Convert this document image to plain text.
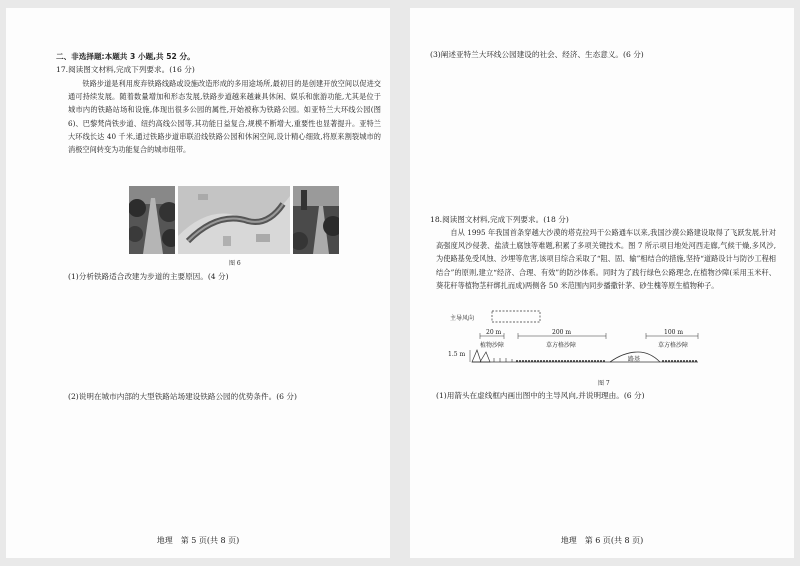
二、非选择题:本题共 3 小题,共 52 分。
17.阅读图文材料,完成下列要求。(16 分)
铁路步道是利用废弃铁路线路或设施改造形成的多用途场所,最初目的是创建开放空间以促进交通可持续发展。随着数量增加和形态发展,铁路步道越来越兼具休闲、娱乐和旅游功能,尤其是位于城市内的铁路站场和设施,体现出很多公园的属性,开始被称为铁路公园。如亚特兰大环线公园(图 6)、巴黎梵尚铁步道、纽约高线公园等,其功能日益复合,规模不断增大,重要性也显著提升。亚特兰大环线长达 40 千米,通过铁路步道串联沿线铁路公园和休闲空间,设计精心细致,将原来割裂城市的消极空间转变为功能复合的城市纽带。
图 6
(1)分析铁路适合改建为步道的主要原因。(4 分)
(2)说明在城市内部的大型铁路站场建设铁路公园的优势条件。(6 分)
地理　第 5 页(共 8 页)
(3)阐述亚特兰大环线公园建设的社会、经济、生态意义。(6 分)
18.阅读图文材料,完成下列要求。(18 分)
自从 1995 年我国首条穿越大沙漠的塔克拉玛干公路通车以来,我国沙漠公路建设取得了飞跃发展,针对高强度风沙侵袭、盐渍土腐蚀等难题,积累了多项关键技术。图 7 所示项目地处河西走廊,气候干燥,多风沙,为使路基免受风蚀、沙埋等危害,该项目综合采取了“阻、固、输”相结合的措施,坚持“道路设计与防沙工程相结合”的原则,建立“经济、合理、有效”的防沙体系。同时为了践行绿色公路理念,在植物沙障(采用玉米秆、葵花秆等植物茎秆绑扎而成)两侧各 50 米范围内同步播撒针茅、砂生槐等原生植物种子。
主导风向
20 m
植物沙障
200 m
草方格沙障
100 m
草方格沙障
1.5 m
路基
图 7
(1)用箭头在虚线框内画出图中的主导风向,并说明理由。(6 分)
地理　第 6 页(共 8 页)
